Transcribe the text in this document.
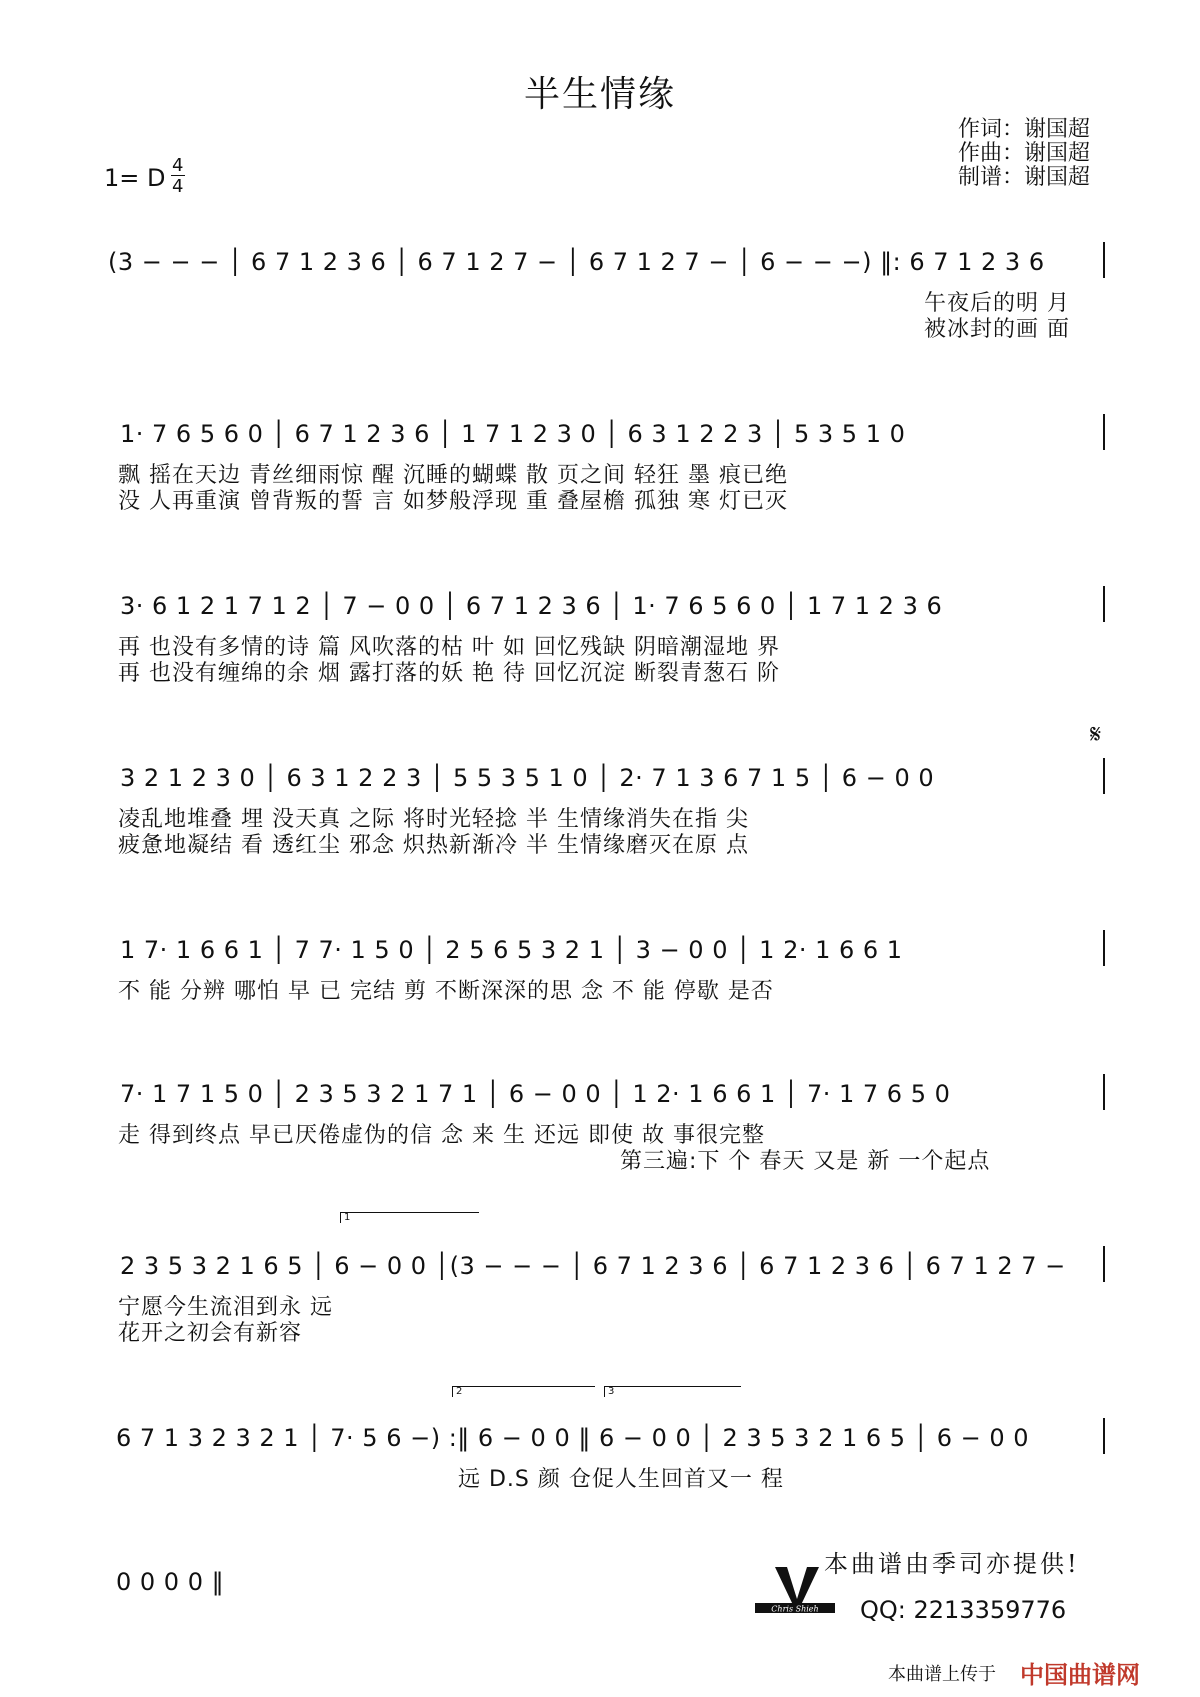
半生情缘
作词：谢国超
作曲：谢国超
制谱：谢国超
1= D 4
4
(3 − − − │ 6 7 1 2 3 6 │ 6 7 1 2 7 − │ 6 7 1 2 7 − │ 6 − − −) ‖: 6 7 1 2 3 6
午夜后的明 月
被冰封的画 面
1· 7 6 5 6 0 │ 6 7 1 2 3 6 │ 1 7 1 2 3 0 │ 6 3 1 2 2 3 │ 5 3 5 1 0
飘 摇在天边 青丝细雨惊 醒 沉睡的蝴蝶 散 页之间 轻狂 墨 痕已绝
没 人再重演 曾背叛的誓 言 如梦般浮现 重 叠屋檐 孤独 寒 灯已灭
3· 6 1 2 1 7 1 2 │ 7 − 0 0 │ 6 7 1 2 3 6 │ 1· 7 6 5 6 0 │ 1 7 1 2 3 6
再 也没有多情的诗 篇 风吹落的枯 叶 如 回忆残缺 阴暗潮湿地 界
再 也没有缠绵的余 烟 露打落的妖 艳 待 回忆沉淀 断裂青葱石 阶
𝄋
3 2 1 2 3 0 │ 6 3 1 2 2 3 │ 5 5 3 5 1 0 │ 2· 7 1 3 6 7 1 5 │ 6 − 0 0
凌乱地堆叠 埋 没天真 之际 将时光轻捻 半 生情缘消失在指 尖
疲惫地凝结 看 透红尘 邪念 炽热新渐冷 半 生情缘磨灭在原 点
1 7· 1 6 6 1 │ 7 7· 1 5 0 │ 2 5 6 5 3 2 1 │ 3 − 0 0 │ 1 2· 1 6 6 1
不 能 分辨 哪怕 早 已 完结 剪 不断深深的思 念 不 能 停歇 是否
7· 1 7 1 5 0 │ 2 3 5 3 2 1 7 1 │ 6 − 0 0 │ 1 2· 1 6 6 1 │ 7· 1 7 6 5 0
走 得到终点 早已厌倦虚伪的信 念 来 生 还远 即使 故 事很完整
第三遍:下 个 春天 又是 新 一个起点
1
2 3 5 3 2 1 6 5 │ 6 − 0 0 │(3 − − − │ 6 7 1 2 3 6 │ 6 7 1 2 3 6 │ 6 7 1 2 7 −
宁愿今生流泪到永 远
花开之初会有新容
2	3
6 7 1 3 2 3 2 1 │ 7· 5 6 −) :‖ 6 − 0 0 ‖ 6 − 0 0 │ 2 3 5 3 2 1 6 5 │ 6 − 0 0
远 D.S 颜 仓促人生回首又一 程
0 0 0 0 ‖
本曲谱由季司亦提供!
Chris Shieh QQ: 2213359776
本曲谱上传于 中国曲谱网
